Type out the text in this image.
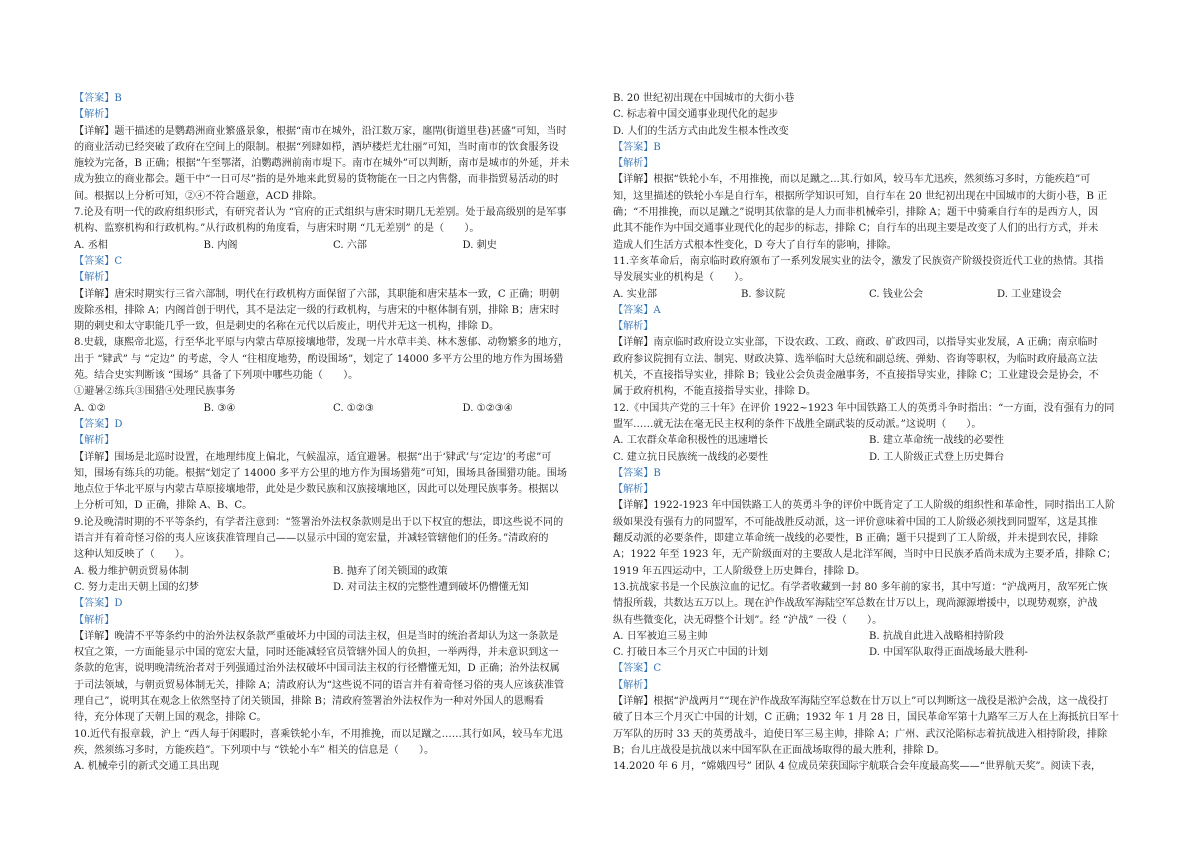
【答案】B
【解析】
【详解】题干描述的是鹦鹉洲商业繁盛景象，根据“南市在城外，沿江数万家，廛閈(街道里巷)甚盛”可知，当时
的商业活动已经突破了政府在空间上的限制。根据“列肆如栉，酒垆楼烂尤壮丽”可知，当时南市的饮食服务设
施较为完备，B 正确；根据“午至鄂渚，泊鹦鹉洲前南市堤下。南市在城外”可以判断，南市是城市的外延，并未
成为独立的商业都会。题干中“一日可尽”指的是外地来此贸易的货物能在一日之内售罄，而非指贸易活动的时
间。根据以上分析可知，②④不符合题意，ACD 排除。
7.论及有明一代的政府组织形式，有研究者认为 “官府的正式组织与唐宋时期几无差别。处于最高级别的是军事
机构、监察机构和行政机构。”从行政机构的角度看，与唐宋时期 “几无差别” 的是（　　）。
A. 丞相	B. 内阁	C. 六部	D. 刺史
【答案】C
【解析】
【详解】唐宋时期实行三省六部制，明代在行政机构方面保留了六部，其职能和唐宋基本一致，C 正确；明朝
废除丞相，排除 A；内阁首创于明代，其不是法定一级的行政机构，与唐宋的中枢体制有别，排除 B；唐宋时
期的刺史和太守职能几乎一致，但是刺史的名称在元代以后废止，明代并无这一机构，排除 D。
8.史载，康熙帝北巡，行至华北平原与内蒙古草原接壤地带，发现一片水草丰美、林木葱郁、动物繁多的地方，
出于 “肄武” 与 “定边” 的考虑，令人 “往相度地势，酌设围场”，划定了 14000 多平方公里的地方作为围场猎
苑。结合史实判断该 “围场” 具备了下列项中哪些功能（　　）。
①避暑②练兵③围猎④处理民族事务
A. ①②	B. ③④	C. ①②③	D. ①②③④
【答案】D
【解析】
【详解】围场是北巡时设置，在地理纬度上偏北，气候温凉，适宜避暑。根据“出于‘肄武’与‘定边’的考虑”可
知，围场有练兵的功能。根据“划定了 14000 多平方公里的地方作为围场猎苑”可知，围场具备围猎功能。围场
地点位于华北平原与内蒙古草原接壤地带，此处是少数民族和汉族接壤地区，因此可以处理民族事务。根据以
上分析可知，D 正确，排除 A、B、C。
9.论及晚清时期的不平等条约，有学者注意到：“签署治外法权条款则是出于以下权宜的想法，即这些说不同的
语言并有着奇怪习俗的夷人应该获准管理自己——以显示中国的宽宏量，并减轻管辖他们的任务。”清政府的
这种认知反映了（　　）。
A. 极力维护朝贡贸易体制	B. 抛弃了闭关锁国的政策
C. 努力走出天朝上国的幻梦	D. 对司法主权的完整性遭到破坏仍懵懂无知
【答案】D
【解析】
【详解】晚清不平等条约中的治外法权条款严重破坏力中国的司法主权，但是当时的统治者却认为这一条款是
权宜之策，一方面能显示中国的宽宏大量，同时还能减轻官员管辖外国人的负担，一举两得，并未意识到这一
条款的危害，说明晚清统治者对于列强通过治外法权破坏中国司法主权的行径懵懂无知，D 正确；治外法权属
于司法领域，与朝贡贸易体制无关，排除 A；清政府认为“这些说不同的语言并有着奇怪习俗的夷人应该获准管
理自己”，说明其在观念上依然坚持了闭关锁国，排除 B；清政府签署治外法权作为一种对外国人的恩赐看
待，充分体现了天朝上国的观念，排除 C。
10.近代有报章载，沪上 “西人每于闲暇时，喜乘铁轮小车，不用推挽，而以足蹴之……其行如风，较马车尤迅
疾，然须练习多时，方能疾趋”。下列项中与 “铁轮小车” 相关的信息是（　　）。
A. 机械牵引的新式交通工具出现
B. 20 世纪初出现在中国城市的大街小巷
C. 标志着中国交通事业现代化的起步
D. 人们的生活方式由此发生根本性改变
【答案】B
【解析】
【详解】根据“铁轮小车，不用推挽，而以足蹴之...其.行如风，较马车尤迅疾，然须练习多时，方能疾趋”可
知，这里描述的铁轮小车是自行车，根据所学知识可知，自行车在 20 世纪初出现在中国城市的大街小巷，B 正
确；“不用推挽，而以足蹴之”说明其依靠的是人力而非机械牵引，排除 A；题干中骑乘自行车的是西方人，因
此其不能作为中国交通事业现代化的起步的标志，排除 C；自行车的出现主要是改变了人们的出行方式，并未
造成人们生活方式根本性变化，D 夸大了自行车的影响，排除。
11.辛亥革命后，南京临时政府颁布了一系列发展实业的法令，激发了民族资产阶级投资近代工业的热情。其指
导发展实业的机构是（　　）。
A. 实业部	B. 参议院	C. 钱业公会	D. 工业建设会
【答案】A
【解析】
【详解】南京临时政府设立实业部，下设农政、工政、商政、矿政四司，以指导实业发展，A 正确；南京临时
政府参议院拥有立法、制宪、财政决算、选举临时大总统和副总统、弹劾、咨询等职权，为临时政府最高立法
机关，不直接指导实业，排除 B；钱业公会负责金融事务，不直接指导实业，排除 C；工业建设会是协会，不
属于政府机构，不能直接指导实业，排除 D。
12.《中国共产党的三十年》在评价 1922~1923 年中国铁路工人的英勇斗争时指出：“一方面，没有强有力的同
盟军……就无法在毫无民主权利的条件下战胜全副武装的反动派。”这说明（　　）。
A. 工农群众革命积极性的迅速增长	B. 建立革命统一战线的必要性
C. 建立抗日民族统一战线的必要性	D. 工人阶级正式登上历史舞台
【答案】B
【解析】
【详解】1922-1923 年中国铁路工人的英勇斗争的评价中既肯定了工人阶级的组织性和革命性，同时指出工人阶
级如果没有强有力的同盟军，不可能战胜反动派，这一评价意味着中国的工人阶级必须找到同盟军，这是其推
翻反动派的必要条件，即建立革命统一战线的必要性，B 正确；题干只提到了工人阶级，并未提到农民，排除
A；1922 年至 1923 年，无产阶级面对的主要敌人是北洋军阀，当时中日民族矛盾尚未成为主要矛盾，排除 C；
1919 年五四运动中，工人阶级登上历史舞台，排除 D。
13.抗战家书是一个民族泣血的记忆。有学者收藏到一封 80 多年前的家书，其中写道：“沪战两月，敌军死亡恢
情报所载，共数达五万以上。现在沪作战敌军海陆空军总数在廿万以上，现尚源源增援中，以现势观察，沪战
纵有些微变化，决无碍整个计划”。经 “沪战” 一役（　　）。
A. 日军被迫三易主帅	B. 抗战自此进入战略相持阶段
C. 打破日本三个月灭亡中国的计划	D. 中国军队取得正面战场最大胜利-
【答案】C
【解析】
【详解】根据“沪战两月”“现在沪作战敌军海陆空军总数在廿万以上”可以判断这一战役是淞沪会战，这一战役打
破了日本三个月灭亡中国的计划，C 正确；1932 年 1 月 28 日，国民革命军第十九路军三万人在上海抵抗日军十
万军队的历时 33 天的英勇战斗，迫使日军三易主帅，排除 A；广州、武汉沦陷标志着抗战进入相持阶段，排除
B；台儿庄战役是抗战以来中国军队在正面战场取得的最大胜利，排除 D。
14.2020 年 6 月，“嫦娥四号” 团队 4 位成员荣获国际宇航联合会年度最高奖——“世界航天奖”。阅读下表，
